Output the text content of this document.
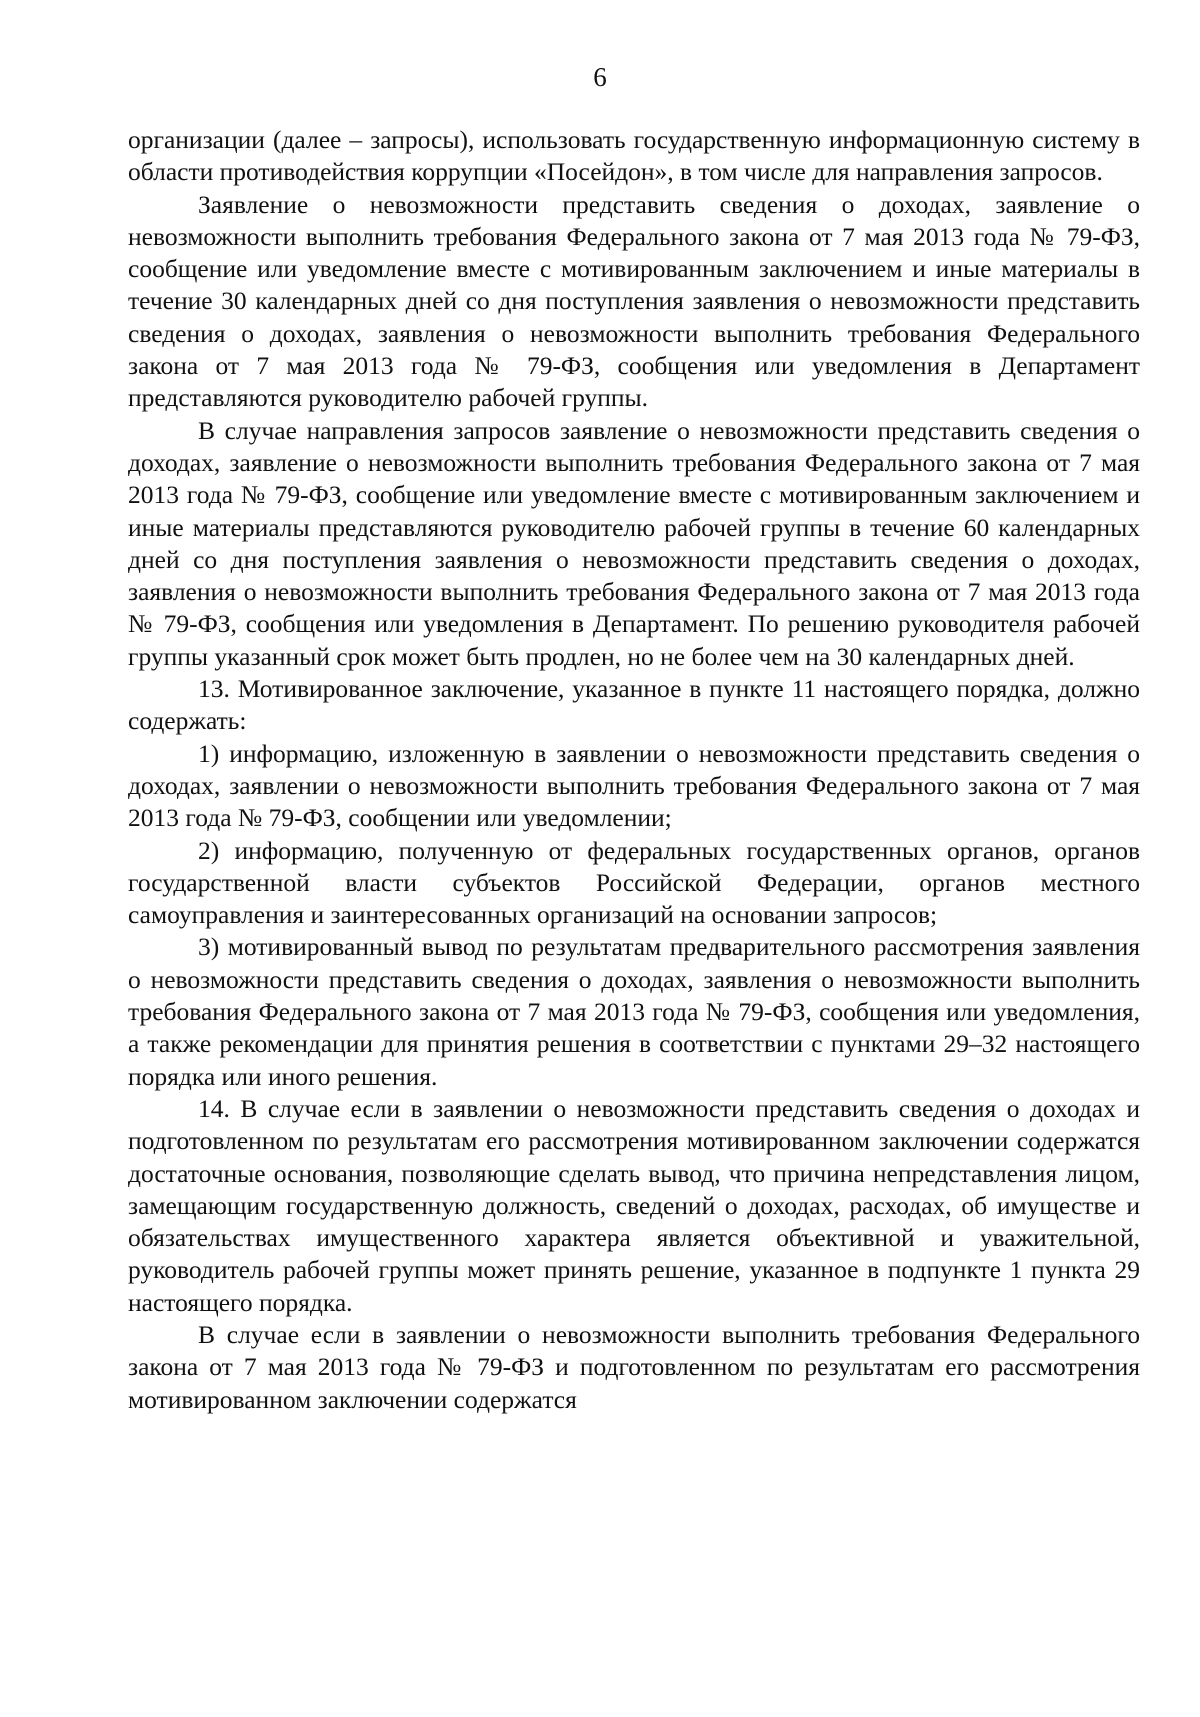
6

организации (далее – запросы), использовать государственную информационную систему в области противодействия коррупции «Посейдон», в том числе для направления запросов.

Заявление о невозможности представить сведения о доходах, заявление о невозможности выполнить требования Федерального закона от 7 мая 2013 года № 79-ФЗ, сообщение или уведомление вместе с мотивированным заключением и иные материалы в течение 30 календарных дней со дня поступления заявления о невозможности представить сведения о доходах, заявления о невозможности выполнить требования Федерального закона от 7 мая 2013 года № 79-ФЗ, сообщения или уведомления в Департамент представляются руководителю рабочей группы.

В случае направления запросов заявление о невозможности представить сведения о доходах, заявление о невозможности выполнить требования Федерального закона от 7 мая 2013 года № 79-ФЗ, сообщение или уведомление вместе с мотивированным заключением и иные материалы представляются руководителю рабочей группы в течение 60 календарных дней со дня поступления заявления о невозможности представить сведения о доходах, заявления о невозможности выполнить требования Федерального закона от 7 мая 2013 года № 79-ФЗ, сообщения или уведомления в Департамент. По решению руководителя рабочей группы указанный срок может быть продлен, но не более чем на 30 календарных дней.

13. Мотивированное заключение, указанное в пункте 11 настоящего порядка, должно содержать:

1) информацию, изложенную в заявлении о невозможности представить сведения о доходах, заявлении о невозможности выполнить требования Федерального закона от 7 мая 2013 года № 79-ФЗ, сообщении или уведомлении;

2) информацию, полученную от федеральных государственных органов, органов государственной власти субъектов Российской Федерации, органов местного самоуправления и заинтересованных организаций на основании запросов;

3) мотивированный вывод по результатам предварительного рассмотрения заявления о невозможности представить сведения о доходах, заявления о невозможности выполнить требования Федерального закона от 7 мая 2013 года № 79-ФЗ, сообщения или уведомления, а также рекомендации для принятия решения в соответствии с пунктами 29–32 настоящего порядка или иного решения.

14. В случае если в заявлении о невозможности представить сведения о доходах и подготовленном по результатам его рассмотрения мотивированном заключении содержатся достаточные основания, позволяющие сделать вывод, что причина непредставления лицом, замещающим государственную должность, сведений о доходах, расходах, об имуществе и обязательствах имущественного характера является объективной и уважительной, руководитель рабочей группы может принять решение, указанное в подпункте 1 пункта 29 настоящего порядка.

В случае если в заявлении о невозможности выполнить требования Федерального закона от 7 мая 2013 года № 79-ФЗ и подготовленном по результатам его рассмотрения мотивированном заключении содержатся
